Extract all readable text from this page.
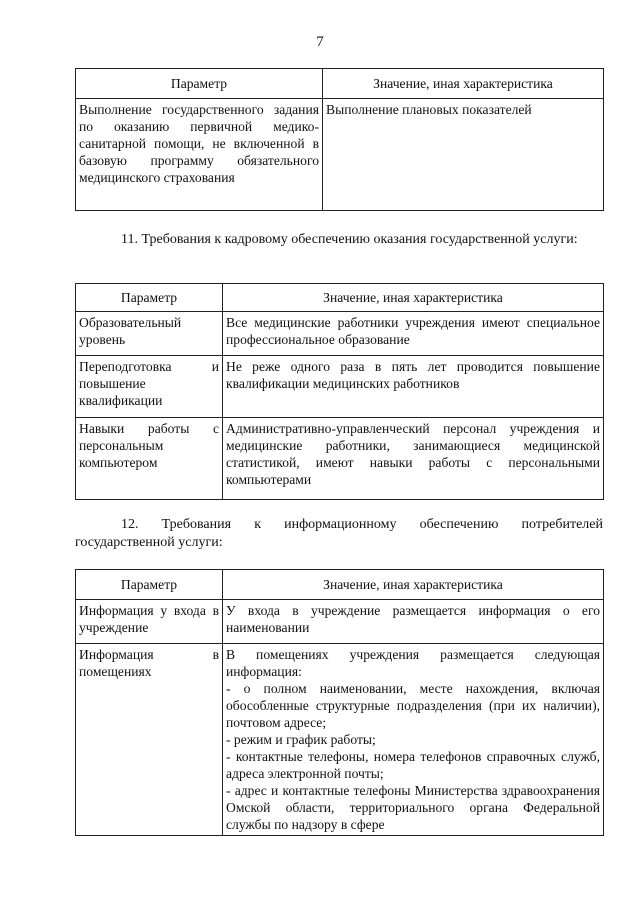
7
Параметр	Значение, иная характеристика
Выполнение государственного задания по оказанию первичной медико-санитарной помощи, не включенной в базовую программу обязательного медицинского страхования	Выполнение плановых показателей
11. Требования к кадровому обеспечению оказания государственной услуги:
Параметр	Значение, иная характеристика
Образовательный уровень	Все медицинские работники учреждения имеют специальное профессиональное образование
Переподготовка и повышение квалификации	Не реже одного раза в пять лет проводится повышение квалификации медицинских работников
Навыки работы с персональным компьютером	Административно-управленческий персонал учреждения и медицинские работники, занимающиеся медицинской статистикой, имеют навыки работы с персональными компьютерами
12. Требования к информационному обеспечению потребителей государственной услуги:
Параметр	Значение, иная характеристика
Информация у входа в учреждение	У входа в учреждение размещается информация о его наименовании
Информация в помещениях	В помещениях учреждения размещается следующая информация:
- о полном наименовании, месте нахождения, включая обособленные структурные подразделения (при их наличии), почтовом адресе;
- режим и график работы;
- контактные телефоны, номера телефонов справочных служб, адреса электронной почты;
- адрес и контактные телефоны Министерства здравоохранения Омской области, территориального органа Федеральной службы по надзору в сфере
